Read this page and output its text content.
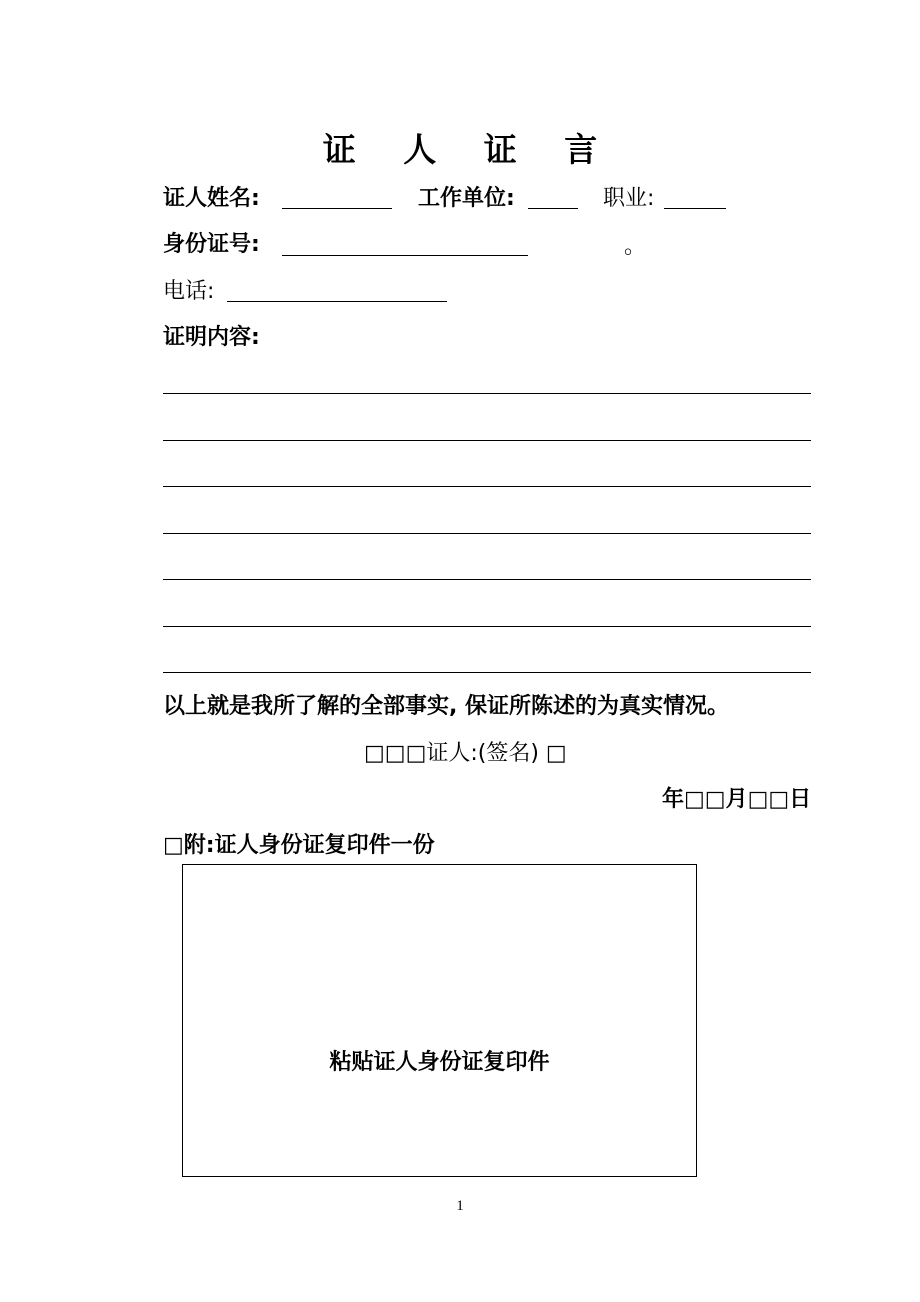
证 人 证 言
证人姓名:	工作单位:	职业:
身份证号:	。
电话:
证明内容:
以上就是我所了解的全部事实, 保证所陈述的为真实情况。
□□□证人:(签名) □
年□□月□□日
□附:证人身份证复印件一份
粘贴证人身份证复印件
1
